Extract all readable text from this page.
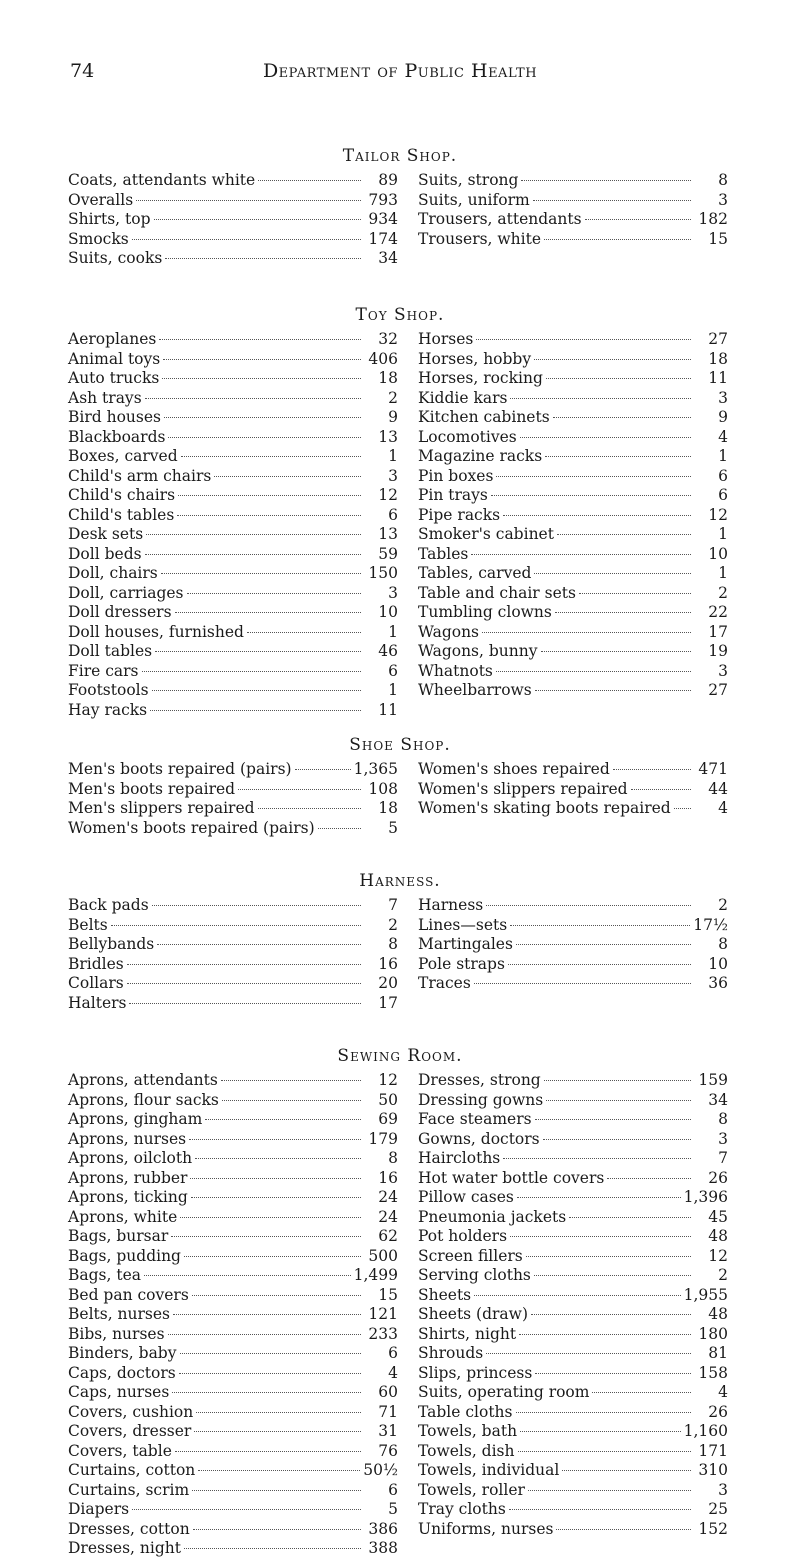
74	Department of Public Health
Tailor Shop.
Coats, attendants white	89
Overalls	793
Shirts, top	934
Smocks	174
Suits, cooks	34
Suits, strong	8
Suits, uniform	3
Trousers, attendants	182
Trousers, white	15
Toy Shop.
Aeroplanes	32
Animal toys	406
Auto trucks	18
Ash trays	2
Bird houses	9
Blackboards	13
Boxes, carved	1
Child's arm chairs	3
Child's chairs	12
Child's tables	6
Desk sets	13
Doll beds	59
Doll, chairs	150
Doll, carriages	3
Doll dressers	10
Doll houses, furnished	1
Doll tables	46
Fire cars	6
Footstools	1
Hay racks	11
Horses	27
Horses, hobby	18
Horses, rocking	11
Kiddie kars	3
Kitchen cabinets	9
Locomotives	4
Magazine racks	1
Pin boxes	6
Pin trays	6
Pipe racks	12
Smoker's cabinet	1
Tables	10
Tables, carved	1
Table and chair sets	2
Tumbling clowns	22
Wagons	17
Wagons, bunny	19
Whatnots	3
Wheelbarrows	27
Shoe Shop.
Men's boots repaired (pairs)	1,365
Men's boots repaired	108
Men's slippers repaired	18
Women's boots repaired (pairs)	5
Women's shoes repaired	471
Women's slippers repaired	44
Women's skating boots repaired	4
Harness.
Back pads	7
Belts	2
Bellybands	8
Bridles	16
Collars	20
Halters	17
Harness	2
Lines—sets	17½
Martingales	8
Pole straps	10
Traces	36
Sewing Room.
Aprons, attendants	12
Aprons, flour sacks	50
Aprons, gingham	69
Aprons, nurses	179
Aprons, oilcloth	8
Aprons, rubber	16
Aprons, ticking	24
Aprons, white	24
Bags, bursar	62
Bags, pudding	500
Bags, tea	1,499
Bed pan covers	15
Belts, nurses	121
Bibs, nurses	233
Binders, baby	6
Caps, doctors	4
Caps, nurses	60
Covers, cushion	71
Covers, dresser	31
Covers, table	76
Curtains, cotton	50½
Curtains, scrim	6
Diapers	5
Dresses, cotton	386
Dresses, night	388
Dresses, strong	159
Dressing gowns	34
Face steamers	8
Gowns, doctors	3
Haircloths	7
Hot water bottle covers	26
Pillow cases	1,396
Pneumonia jackets	45
Pot holders	48
Screen fillers	12
Serving cloths	2
Sheets	1,955
Sheets (draw)	48
Shirts, night	180
Shrouds	81
Slips, princess	158
Suits, operating room	4
Table cloths	26
Towels, bath	1,160
Towels, dish	171
Towels, individual	310
Towels, roller	3
Tray cloths	25
Uniforms, nurses	152
